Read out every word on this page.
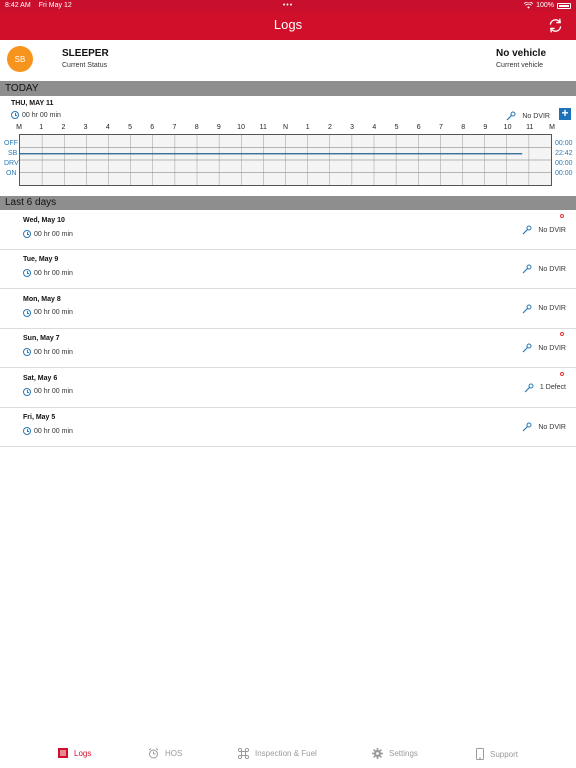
8:42 AM Fri May 12	•••	100%
Logs
SB	SLEEPER
Current Status
No vehicle
Current vehicle
TODAY
THU, MAY 11
00 hr 00 min	No DVIR +
M 1	2	3	4	5	6	7	8	9 10 11 N	1	2	3	4	5	6	7	8	9 10 11 M
OFF
SB
DRV
ON
00:00
22:42
00:00
00:00
Last 6 days
Wed, May 10
00 hr 00 min
No DVIR
Tue, May 9
00 hr 00 min
No DVIR
Mon, May 8
00 hr 00 min
No DVIR
Sun, May 7
00 hr 00 min
No DVIR
Sat, May 6
00 hr 00 min
1 Defect
Fri, May 5
00 hr 00 min
No DVIR
Logs	HOS	Inspection & Fuel	Settings	Support
